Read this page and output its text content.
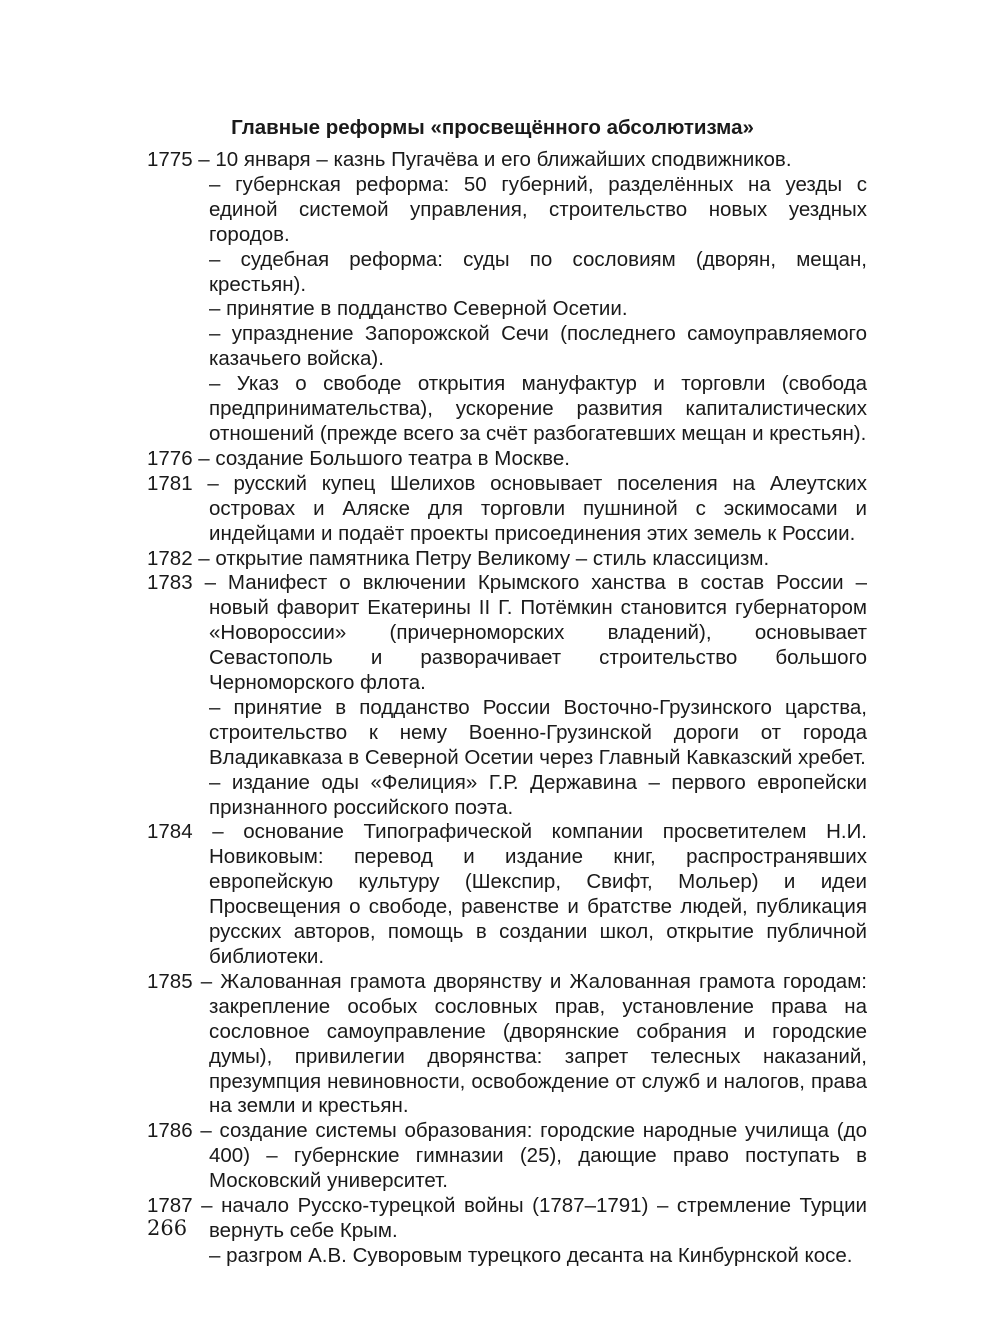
Главные реформы «просвещённого абсолютизма»
1775 – 10 января – казнь Пугачёва и его ближайших сподвижников.
– губернская реформа: 50 губерний, разделённых на уезды с единой системой управления, строительство новых уездных городов.
– судебная реформа: суды по сословиям (дворян, мещан, крестьян).
– принятие в подданство Северной Осетии.
– упразднение Запорожской Сечи (последнего самоуправляемого казачьего войска).
– Указ о свободе открытия мануфактур и торговли (свобода предпринимательства), ускорение развития капиталистических отношений (прежде всего за счёт разбогатевших мещан и крестьян).
1776 – создание Большого театра в Москве.
1781 – русский купец Шелихов основывает поселения на Алеутских островах и Аляске для торговли пушниной с эскимосами и индейцами и подаёт проекты присоединения этих земель к России.
1782 – открытие памятника Петру Великому – стиль классицизм.
1783 – Манифест о включении Крымского ханства в состав России – новый фаворит Екатерины II Г. Потёмкин становится губернатором «Новороссии» (причерноморских владений), основывает Севастополь и разворачивает строительство большого Черноморского флота.
– принятие в подданство России Восточно-Грузинского царства, строительство к нему Военно-Грузинской дороги от города Владикавказа в Северной Осетии через Главный Кавказский хребет.
– издание оды «Фелиция» Г.Р. Державина – первого европейски признанного российского поэта.
1784 – основание Типографической компании просветителем Н.И. Новиковым: перевод и издание книг, распространявших европейскую культуру (Шекспир, Свифт, Мольер) и идеи Просвещения о свободе, равенстве и братстве людей, публикация русских авторов, помощь в создании школ, открытие публичной библиотеки.
1785 – Жалованная грамота дворянству и Жалованная грамота городам: закрепление особых сословных прав, установление права на сословное самоуправление (дворянские собрания и городские думы), привилегии дворянства: запрет телесных наказаний, презумпция невиновности, освобождение от служб и налогов, права на земли и крестьян.
1786 – создание системы образования: городские народные училища (до 400) – губернские гимназии (25), дающие право поступать в Московский университет.
1787 – начало Русско-турецкой войны (1787–1791) – стремление Турции вернуть себе Крым.
– разгром А.В. Суворовым турецкого десанта на Кинбурнской косе.
266
